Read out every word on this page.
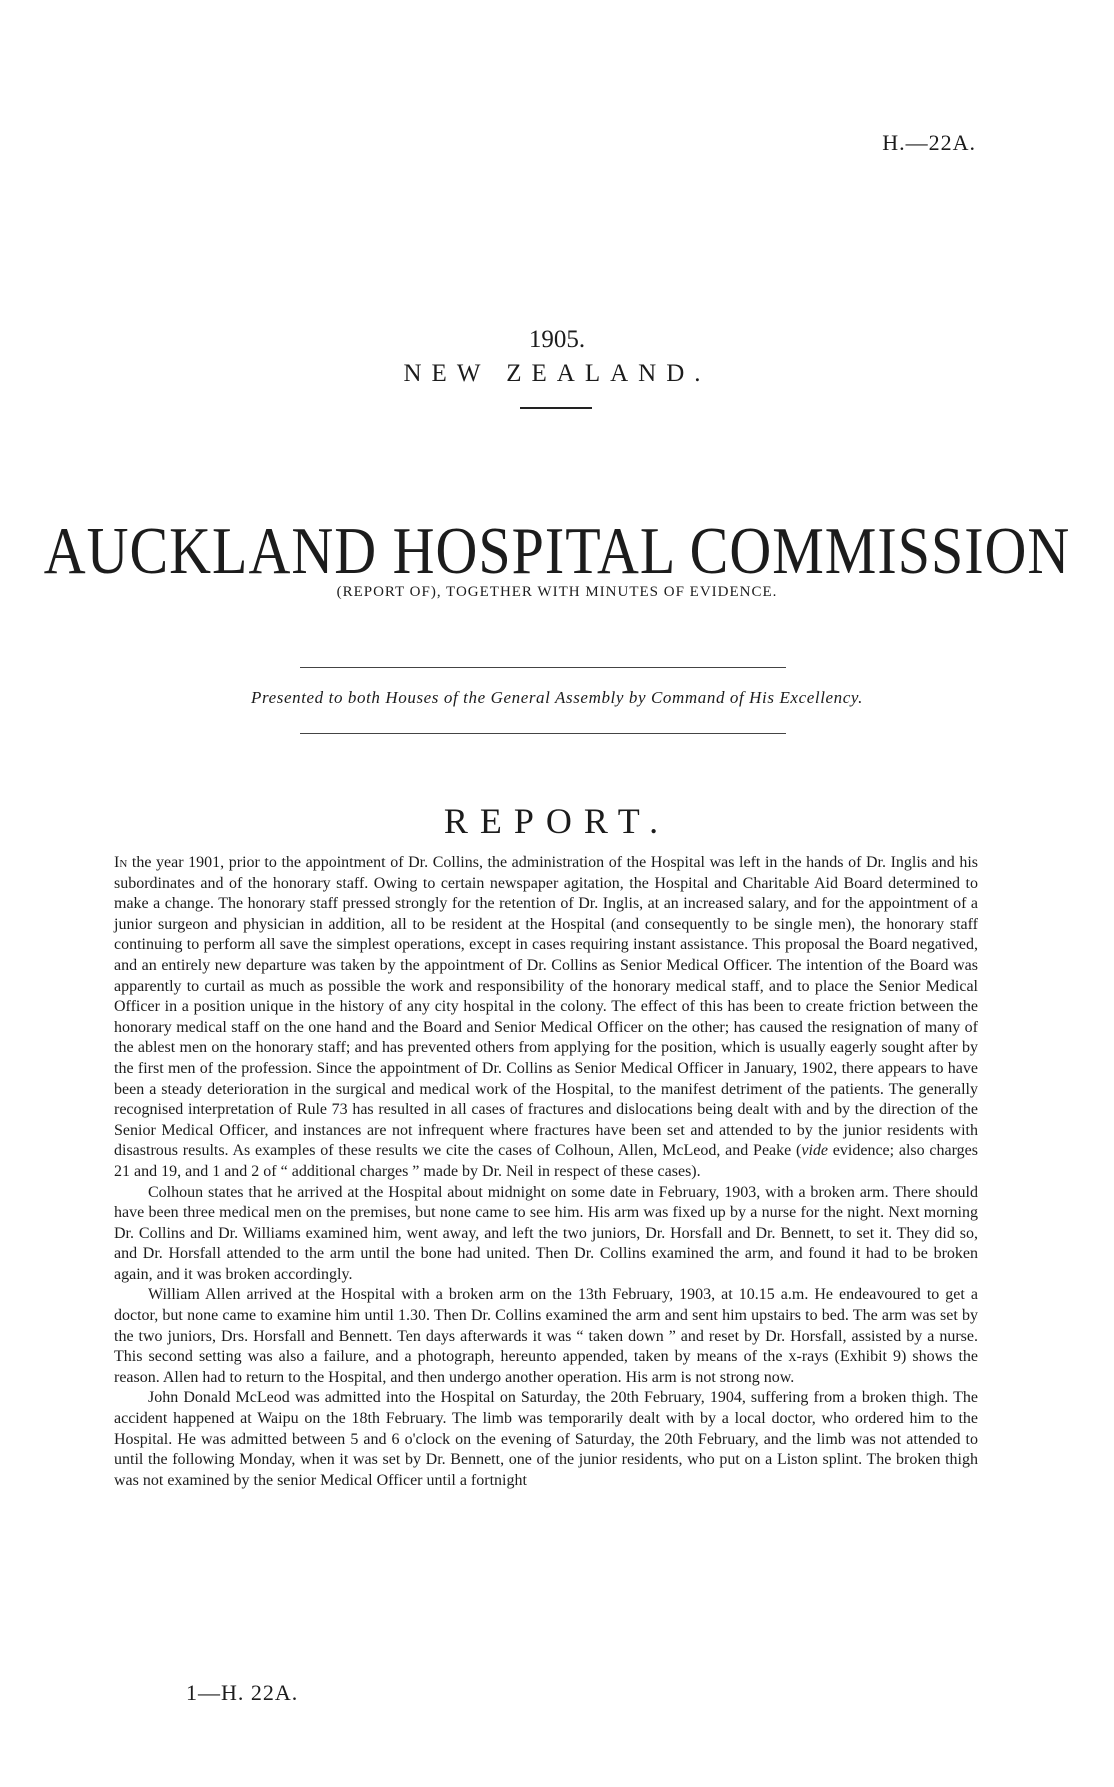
H.—22A.
1905.
NEW ZEALAND.
AUCKLAND HOSPITAL COMMISSION
(REPORT OF), TOGETHER WITH MINUTES OF EVIDENCE.
Presented to both Houses of the General Assembly by Command of His Excellency.
REPORT.

In the year 1901, prior to the appointment of Dr. Collins, the administration of the Hospital was left in the hands of Dr. Inglis and his subordinates and of the honorary staff. Owing to certain newspaper agitation, the Hospital and Charitable Aid Board determined to make a change. The honorary staff pressed strongly for the retention of Dr. Inglis, at an increased salary, and for the appointment of a junior surgeon and physician in addition, all to be resident at the Hospital (and consequently to be single men), the honorary staff continuing to perform all save the simplest operations, except in cases requiring instant assistance. This proposal the Board negatived, and an entirely new departure was taken by the appointment of Dr. Collins as Senior Medical Officer. The intention of the Board was apparently to curtail as much as possible the work and responsibility of the honorary medical staff, and to place the Senior Medical Officer in a position unique in the history of any city hospital in the colony. The effect of this has been to create friction between the honorary medical staff on the one hand and the Board and Senior Medical Officer on the other; has caused the resignation of many of the ablest men on the honorary staff; and has prevented others from applying for the position, which is usually eagerly sought after by the first men of the profession. Since the appointment of Dr. Collins as Senior Medical Officer in January, 1902, there appears to have been a steady deterioration in the surgical and medical work of the Hospital, to the manifest detriment of the patients. The generally recognised interpretation of Rule 73 has resulted in all cases of fractures and dislocations being dealt with and by the direction of the Senior Medical Officer, and instances are not infrequent where fractures have been set and attended to by the junior residents with disastrous results. As examples of these results we cite the cases of Colhoun, Allen, McLeod, and Peake (vide evidence; also charges 21 and 19, and 1 and 2 of “ additional charges ” made by Dr. Neil in respect of these cases).

Colhoun states that he arrived at the Hospital about midnight on some date in February, 1903, with a broken arm. There should have been three medical men on the premises, but none came to see him. His arm was fixed up by a nurse for the night. Next morning Dr. Collins and Dr. Williams examined him, went away, and left the two juniors, Dr. Horsfall and Dr. Bennett, to set it. They did so, and Dr. Horsfall attended to the arm until the bone had united. Then Dr. Collins examined the arm, and found it had to be broken again, and it was broken accordingly.

William Allen arrived at the Hospital with a broken arm on the 13th February, 1903, at 10.15 a.m. He endeavoured to get a doctor, but none came to examine him until 1.30. Then Dr. Collins examined the arm and sent him upstairs to bed. The arm was set by the two juniors, Drs. Horsfall and Bennett. Ten days afterwards it was “ taken down ” and reset by Dr. Horsfall, assisted by a nurse. This second setting was also a failure, and a photograph, hereunto appended, taken by means of the x-rays (Exhibit 9) shows the reason. Allen had to return to the Hospital, and then undergo another operation. His arm is not strong now.

John Donald McLeod was admitted into the Hospital on Saturday, the 20th February, 1904, suffering from a broken thigh. The accident happened at Waipu on the 18th February. The limb was temporarily dealt with by a local doctor, who ordered him to the Hospital. He was admitted between 5 and 6 o'clock on the evening of Saturday, the 20th February, and the limb was not attended to until the following Monday, when it was set by Dr. Bennett, one of the junior residents, who put on a Liston splint. The broken thigh was not examined by the senior Medical Officer until a fortnight

1—H. 22A.
